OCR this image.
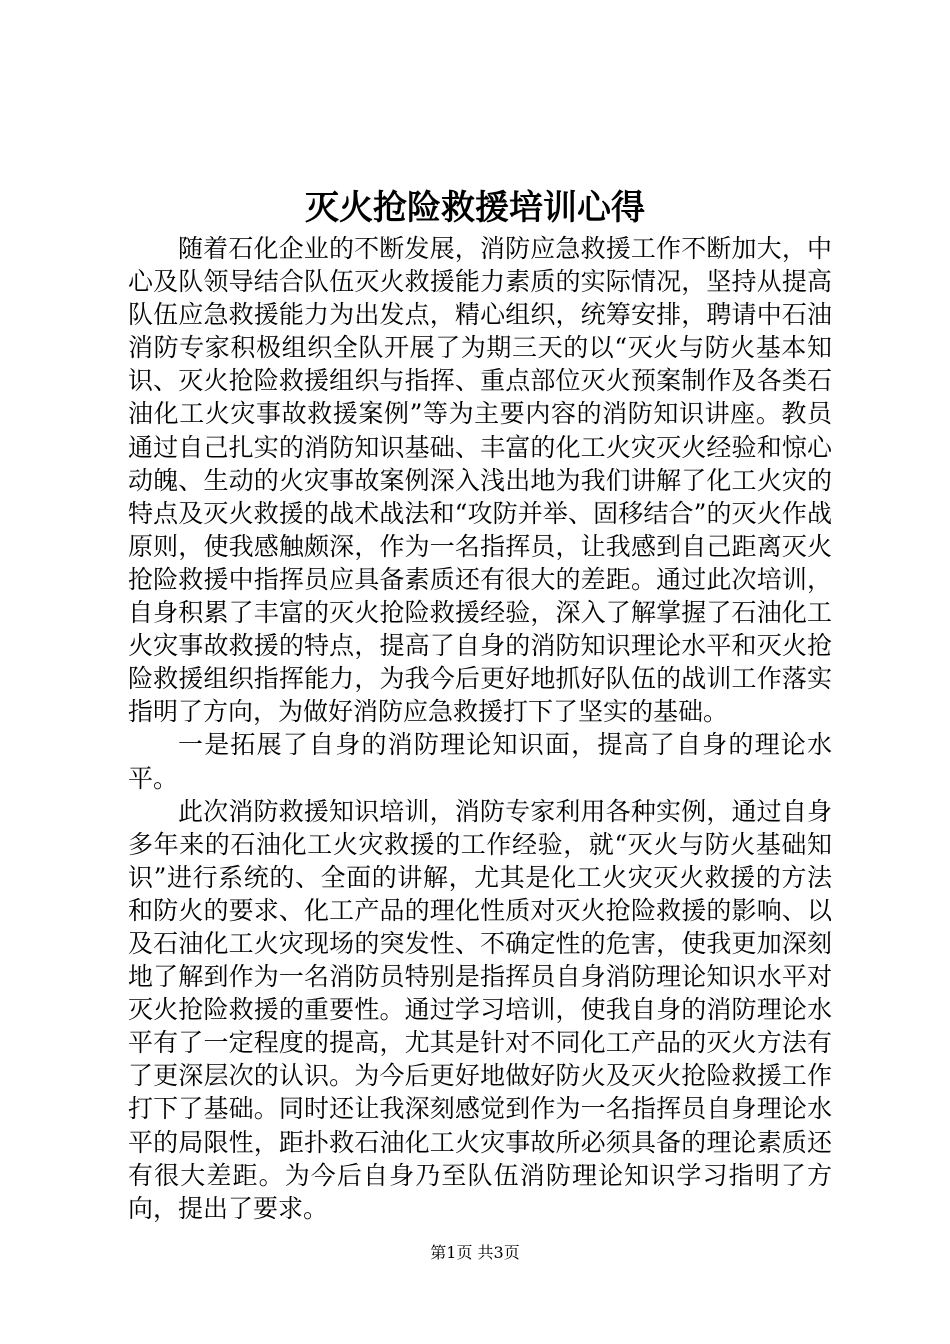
灭火抢险救援培训心得

随着石化企业的不断发展，消防应急救援工作不断加大，中心及队领导结合队伍灭火救援能力素质的实际情况，坚持从提高队伍应急救援能力为出发点，精心组织，统筹安排，聘请中石油消防专家积极组织全队开展了为期三天的以“灭火与防火基本知识、灭火抢险救援组织与指挥、重点部位灭火预案制作及各类石油化工火灾事故救援案例”等为主要内容的消防知识讲座。教员通过自己扎实的消防知识基础、丰富的化工火灾灭火经验和惊心动魄、生动的火灾事故案例深入浅出地为我们讲解了化工火灾的特点及灭火救援的战术战法和“攻防并举、固移结合”的灭火作战原则，使我感触颇深，作为一名指挥员，让我感到自己距离灭火抢险救援中指挥员应具备素质还有很大的差距。通过此次培训，自身积累了丰富的灭火抢险救援经验，深入了解掌握了石油化工火灾事故救援的特点，提高了自身的消防知识理论水平和灭火抢险救援组织指挥能力，为我今后更好地抓好队伍的战训工作落实指明了方向，为做好消防应急救援打下了坚实的基础。

一是拓展了自身的消防理论知识面，提高了自身的理论水平。

此次消防救援知识培训，消防专家利用各种实例，通过自身多年来的石油化工火灾救援的工作经验，就“灭火与防火基础知识”进行系统的、全面的讲解，尤其是化工火灾灭火救援的方法和防火的要求、化工产品的理化性质对灭火抢险救援的影响、以及石油化工火灾现场的突发性、不确定性的危害，使我更加深刻地了解到作为一名消防员特别是指挥员自身消防理论知识水平对灭火抢险救援的重要性。通过学习培训，使我自身的消防理论水平有了一定程度的提高，尤其是针对不同化工产品的灭火方法有了更深层次的认识。为今后更好地做好防火及灭火抢险救援工作打下了基础。同时还让我深刻感觉到作为一名指挥员自身理论水平的局限性，距扑救石油化工火灾事故所必须具备的理论素质还有很大差距。为今后自身乃至队伍消防理论知识学习指明了方向，提出了要求。

第1页 共3页
